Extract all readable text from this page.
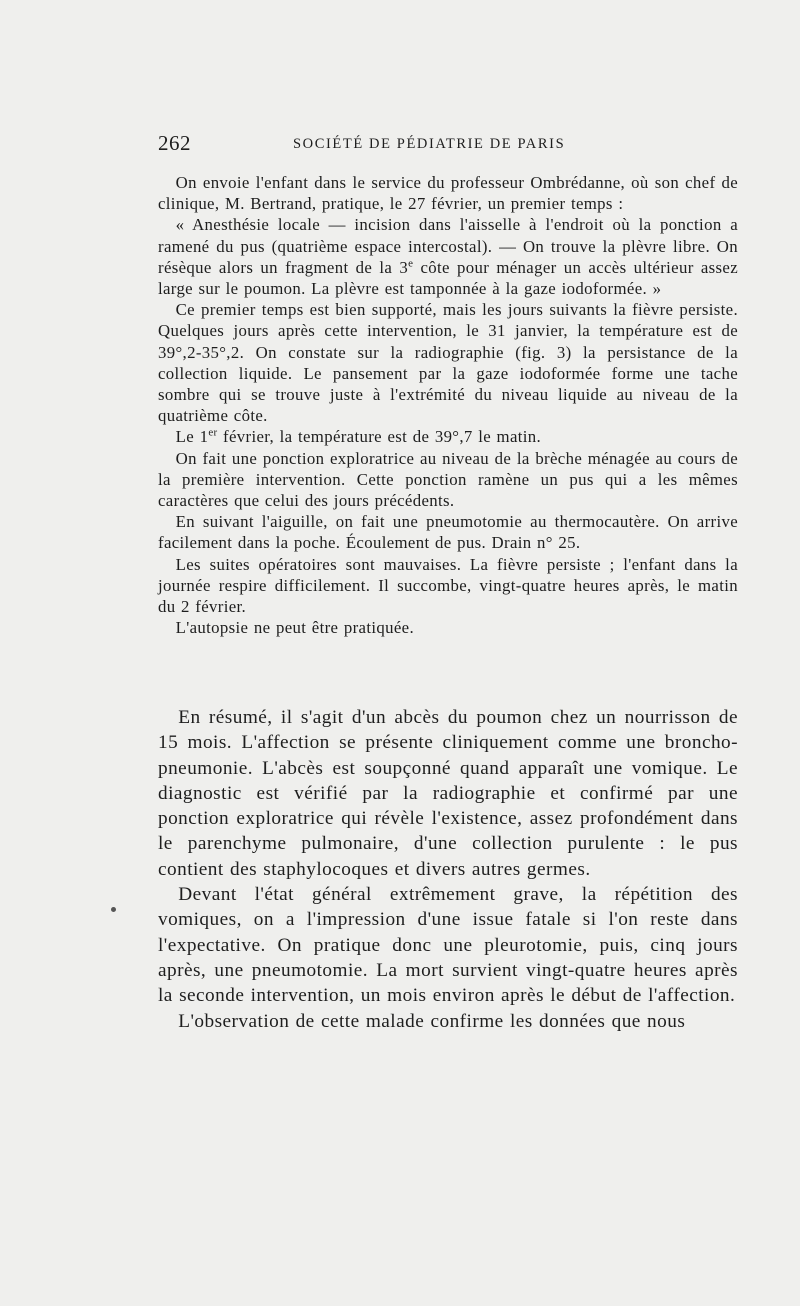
262	SOCIÉTÉ DE PÉDIATRIE DE PARIS

On envoie l'enfant dans le service du professeur Ombrédanne, où son chef de clinique, M. Bertrand, pratique, le 27 février, un premier temps :

« Anesthésie locale — incision dans l'aisselle à l'endroit où la ponction a ramené du pus (quatrième espace intercostal). — On trouve la plèvre libre. On résèque alors un fragment de la 3e côte pour ménager un accès ultérieur assez large sur le poumon. La plèvre est tamponnée à la gaze iodoformée. »

Ce premier temps est bien supporté, mais les jours suivants la fièvre persiste. Quelques jours après cette intervention, le 31 janvier, la température est de 39°,2-35°,2. On constate sur la radiographie (fig. 3) la persistance de la collection liquide. Le pansement par la gaze iodoformée forme une tache sombre qui se trouve juste à l'extrémité du niveau liquide au niveau de la quatrième côte.

Le 1er février, la température est de 39°,7 le matin.

On fait une ponction exploratrice au niveau de la brèche ménagée au cours de la première intervention. Cette ponction ramène un pus qui a les mêmes caractères que celui des jours précédents.

En suivant l'aiguille, on fait une pneumotomie au thermocautère. On arrive facilement dans la poche. Écoulement de pus. Drain n° 25.

Les suites opératoires sont mauvaises. La fièvre persiste ; l'enfant dans la journée respire difficilement. Il succombe, vingt-quatre heures après, le matin du 2 février.

L'autopsie ne peut être pratiquée.

En résumé, il s'agit d'un abcès du poumon chez un nourrisson de 15 mois. L'affection se présente cliniquement comme une broncho-pneumonie. L'abcès est soupçonné quand apparaît une vomique. Le diagnostic est vérifié par la radiographie et confirmé par une ponction exploratrice qui révèle l'existence, assez profondément dans le parenchyme pulmonaire, d'une collection purulente : le pus contient des staphylocoques et divers autres germes.

Devant l'état général extrêmement grave, la répétition des vomiques, on a l'impression d'une issue fatale si l'on reste dans l'expectative. On pratique donc une pleurotomie, puis, cinq jours après, une pneumotomie. La mort survient vingt-quatre heures après la seconde intervention, un mois environ après le début de l'affection.

L'observation de cette malade confirme les données que nous
